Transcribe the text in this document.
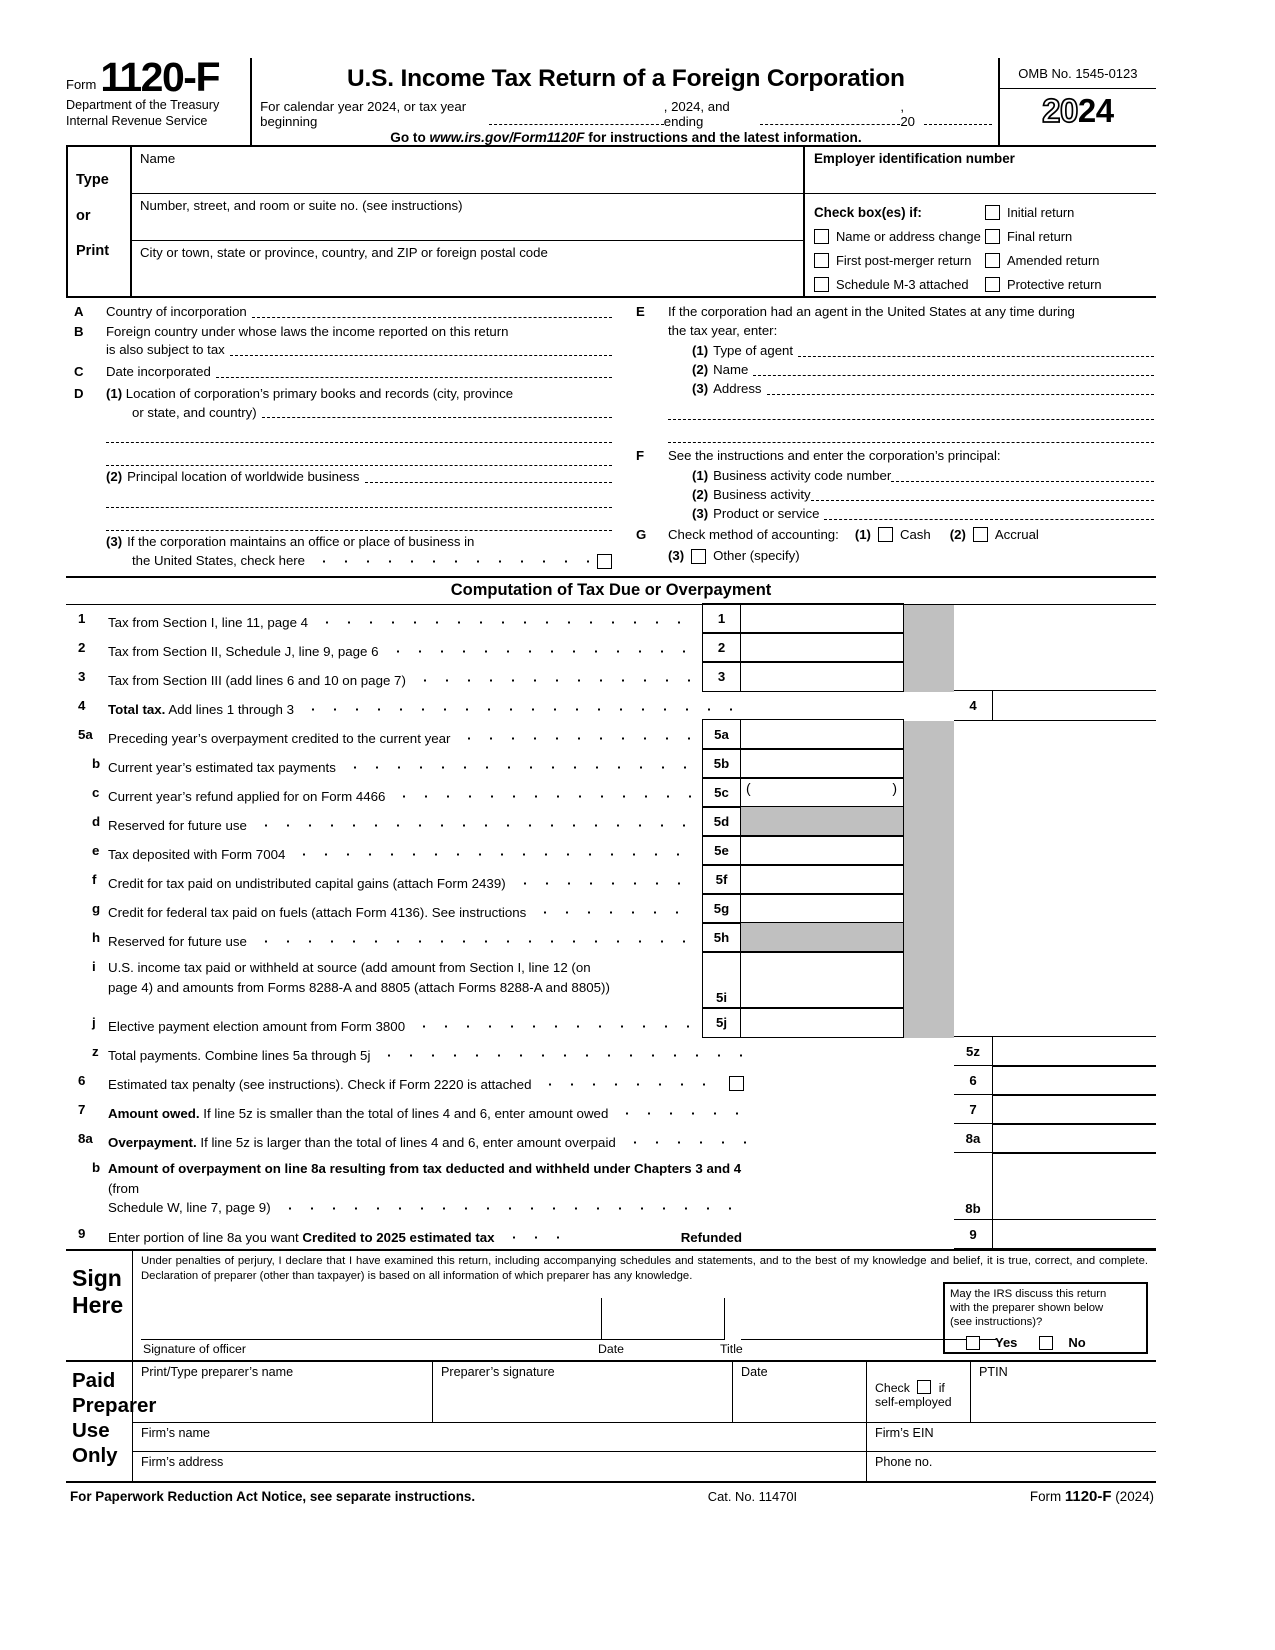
Form 1120-F
Department of the Treasury
Internal Revenue Service
U.S. Income Tax Return of a Foreign Corporation
For calendar year 2024, or tax year beginning
, 2024, and ending
, 20
Go to www.irs.gov/Form1120F for instructions and the latest information.
OMB No. 1545-0123
2024
Type
or
Print
Name
Number, street, and room or suite no. (see instructions)
City or town, state or province, country, and ZIP or foreign postal code
Employer identification number
Check box(es) if:
Name or address change
First post-merger return
Schedule M-3 attached
Initial return
Final return
Amended return
Protective return
A	Country of incorporation
B	Foreign country under whose laws the income reported on this return
is also subject to tax
C	Date incorporated
D	(1) Location of corporation’s primary books and records (city, province
or state, and country)
(2) Principal location of worldwide business
(3) If the corporation maintains an office or place of business in
the United States, check here
E	If the corporation had an agent in the United States at any time during
the tax year, enter:
(1) Type of agent
(2) Name
(3) Address
F	See the instructions and enter the corporation’s principal:
(1) Business activity code number
(2) Business activity
(3) Product or service
G	Check method of accounting: (1) Cash (2) Accrual
(3) Other (specify)
Computation of Tax Due or Overpayment
1	Tax from Section I, line 11, page 4	1
2	Tax from Section II, Schedule J, line 9, page 6	2
3	Tax from Section III (add lines 6 and 10 on page 7)	3
4	Total tax. Add lines 1 through 3	4
5a	Preceding year’s overpayment credited to the current year	5a
b Current year’s estimated tax payments	5b
c Current year’s refund applied for on Form 4466	5c	(	)
d Reserved for future use	5d
e Tax deposited with Form 7004	5e
f Credit for tax paid on undistributed capital gains (attach Form 2439)	5f
g Credit for federal tax paid on fuels (attach Form 4136). See instructions	5g
h Reserved for future use	5h
i U.S. income tax paid or withheld at source (add amount from Section I, line 12 (on
page 4) and amounts from Forms 8288-A and 8805 (attach Forms 8288-A and 8805))
5i
j Elective payment election amount from Form 3800	5j
z Total payments. Combine lines 5a through 5j	5z
6	Estimated tax penalty (see instructions). Check if Form 2220 is attached	6
7	Amount owed. If line 5z is smaller than the total of lines 4 and 6, enter amount owed	7
8a	Overpayment. If line 5z is larger than the total of lines 4 and 6, enter amount overpaid	8a
b Amount of overpayment on line 8a resulting from tax deducted and withheld under Chapters 3 and 4 (from
Schedule W, line 7, page 9)	8b
9	Enter portion of line 8a you want Credited to 2025 estimated tax	Refunded	9
Sign
Here
Under penalties of perjury, I declare that I have examined this return, including accompanying schedules and statements, and to the best of my knowledge and belief, it is true, correct, and complete. Declaration of preparer (other than taxpayer) is based on all information of which preparer has any knowledge.
Signature of officer	Date	Title
May the IRS discuss this return
with the preparer shown below
(see instructions)?
Yes	No
Paid
Preparer
Use Only
Print/Type preparer’s name	Preparer’s signature	Date
Check if
self-employed
PTIN
Firm’s name	Firm’s EIN
Firm’s address	Phone no.
For Paperwork Reduction Act Notice, see separate instructions.	Cat. No. 11470I	Form 1120-F (2024)
